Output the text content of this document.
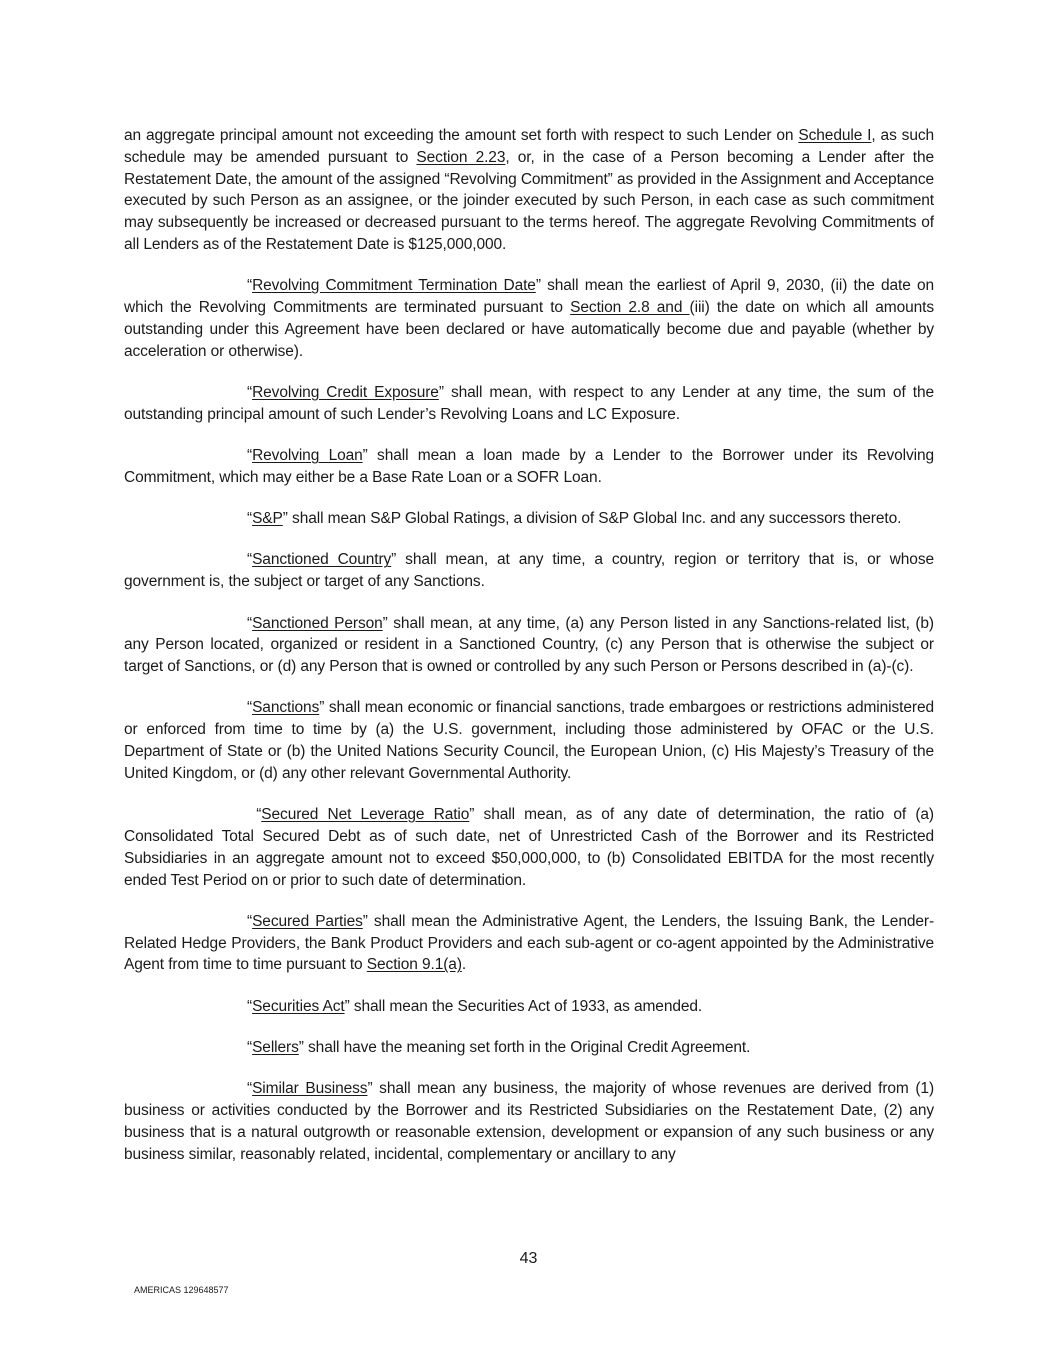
an aggregate principal amount not exceeding the amount set forth with respect to such Lender on Schedule I, as such schedule may be amended pursuant to Section 2.23, or, in the case of a Person becoming a Lender after the Restatement Date, the amount of the assigned “Revolving Commitment” as provided in the Assignment and Acceptance executed by such Person as an assignee, or the joinder executed by such Person, in each case as such commitment may subsequently be increased or decreased pursuant to the terms hereof. The aggregate Revolving Commitments of all Lenders as of the Restatement Date is $125,000,000.

“Revolving Commitment Termination Date” shall mean the earliest of April 9, 2030, (ii) the date on which the Revolving Commitments are terminated pursuant to Section 2.8 and (iii) the date on which all amounts outstanding under this Agreement have been declared or have automatically become due and payable (whether by acceleration or otherwise).

“Revolving Credit Exposure” shall mean, with respect to any Lender at any time, the sum of the outstanding principal amount of such Lender’s Revolving Loans and LC Exposure.

“Revolving Loan” shall mean a loan made by a Lender to the Borrower under its Revolving Commitment, which may either be a Base Rate Loan or a SOFR Loan.

“S&P” shall mean S&P Global Ratings, a division of S&P Global Inc. and any successors thereto.

“Sanctioned Country” shall mean, at any time, a country, region or territory that is, or whose government is, the subject or target of any Sanctions.

“Sanctioned Person” shall mean, at any time, (a) any Person listed in any Sanctions-related list, (b) any Person located, organized or resident in a Sanctioned Country, (c) any Person that is otherwise the subject or target of Sanctions, or (d) any Person that is owned or controlled by any such Person or Persons described in (a)-(c).

“Sanctions” shall mean economic or financial sanctions, trade embargoes or restrictions administered or enforced from time to time by (a) the U.S. government, including those administered by OFAC or the U.S. Department of State or (b) the United Nations Security Council, the European Union, (c) His Majesty’s Treasury of the United Kingdom, or (d) any other relevant Governmental Authority.

“Secured Net Leverage Ratio” shall mean, as of any date of determination, the ratio of (a) Consolidated Total Secured Debt as of such date, net of Unrestricted Cash of the Borrower and its Restricted Subsidiaries in an aggregate amount not to exceed $50,000,000, to (b) Consolidated EBITDA for the most recently ended Test Period on or prior to such date of determination.

“Secured Parties” shall mean the Administrative Agent, the Lenders, the Issuing Bank, the Lender-Related Hedge Providers, the Bank Product Providers and each sub-agent or co-agent appointed by the Administrative Agent from time to time pursuant to Section 9.1(a).

“Securities Act” shall mean the Securities Act of 1933, as amended.

“Sellers” shall have the meaning set forth in the Original Credit Agreement.

“Similar Business” shall mean any business, the majority of whose revenues are derived from (1) business or activities conducted by the Borrower and its Restricted Subsidiaries on the Restatement Date, (2) any business that is a natural outgrowth or reasonable extension, development or expansion of any such business or any business similar, reasonably related, incidental, complementary or ancillary to any

43
AMERICAS 129648577
